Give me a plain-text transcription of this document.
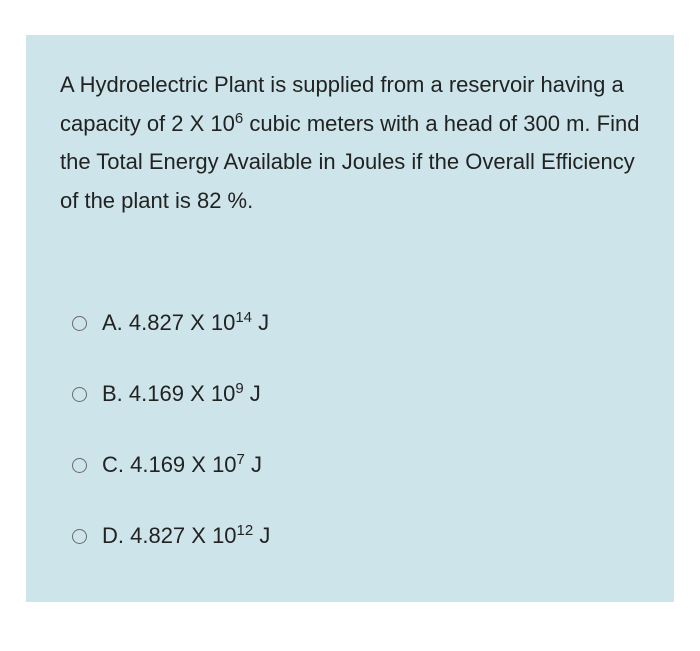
A Hydroelectric Plant is supplied from a reservoir having a capacity of 2 X $10^6$ cubic meters with a head of 300 m. Find the Total Energy Available in Joules if the Overall Efficiency of the plant is 82 %.

A. 4.827 X $10^{14}$ J
B. 4.169 X $10^9$ J
C. 4.169 X $10^7$ J
D. 4.827 X $10^{12}$ J
